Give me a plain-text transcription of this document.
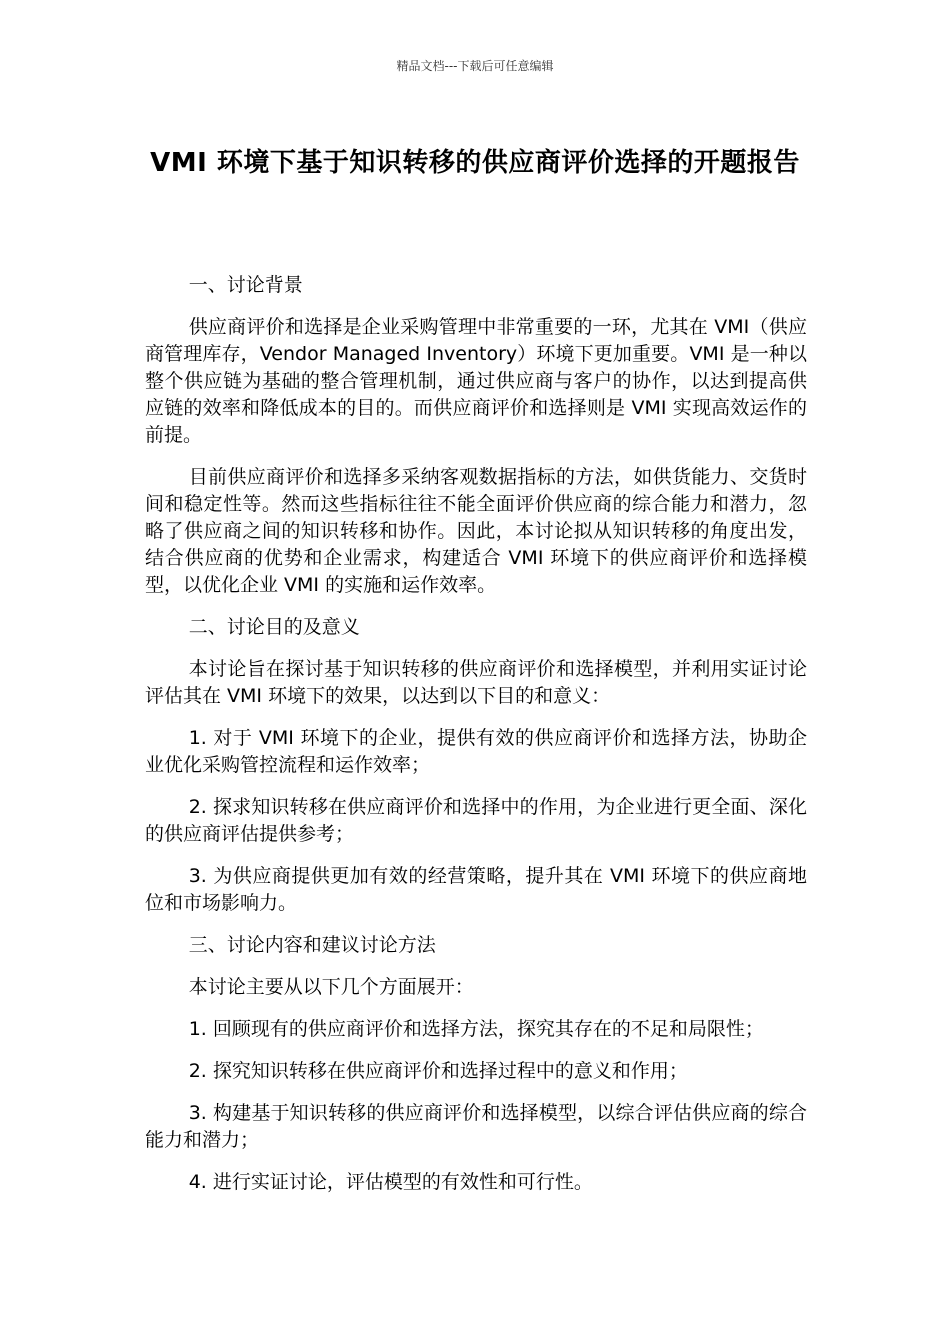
精品文档---下载后可任意编辑
VMI 环境下基于知识转移的供应商评价选择的开题报告

一、讨论背景

供应商评价和选择是企业采购管理中非常重要的一环，尤其在 VMI（供应商管理库存，Vendor Managed Inventory）环境下更加重要。VMI 是一种以整个供应链为基础的整合管理机制，通过供应商与客户的协作，以达到提高供应链的效率和降低成本的目的。而供应商评价和选择则是 VMI 实现高效运作的前提。

目前供应商评价和选择多采纳客观数据指标的方法，如供货能力、交货时间和稳定性等。然而这些指标往往不能全面评价供应商的综合能力和潜力，忽略了供应商之间的知识转移和协作。因此，本讨论拟从知识转移的角度出发，结合供应商的优势和企业需求，构建适合 VMI 环境下的供应商评价和选择模型，以优化企业 VMI 的实施和运作效率。

二、讨论目的及意义

本讨论旨在探讨基于知识转移的供应商评价和选择模型，并利用实证讨论评估其在 VMI 环境下的效果，以达到以下目的和意义：

1. 对于 VMI 环境下的企业，提供有效的供应商评价和选择方法，协助企业优化采购管控流程和运作效率；

2. 探求知识转移在供应商评价和选择中的作用，为企业进行更全面、深化的供应商评估提供参考；

3. 为供应商提供更加有效的经营策略，提升其在 VMI 环境下的供应商地位和市场影响力。

三、讨论内容和建议讨论方法

本讨论主要从以下几个方面展开：

1. 回顾现有的供应商评价和选择方法，探究其存在的不足和局限性；

2. 探究知识转移在供应商评价和选择过程中的意义和作用；

3. 构建基于知识转移的供应商评价和选择模型，以综合评估供应商的综合能力和潜力；

4. 进行实证讨论，评估模型的有效性和可行性。
